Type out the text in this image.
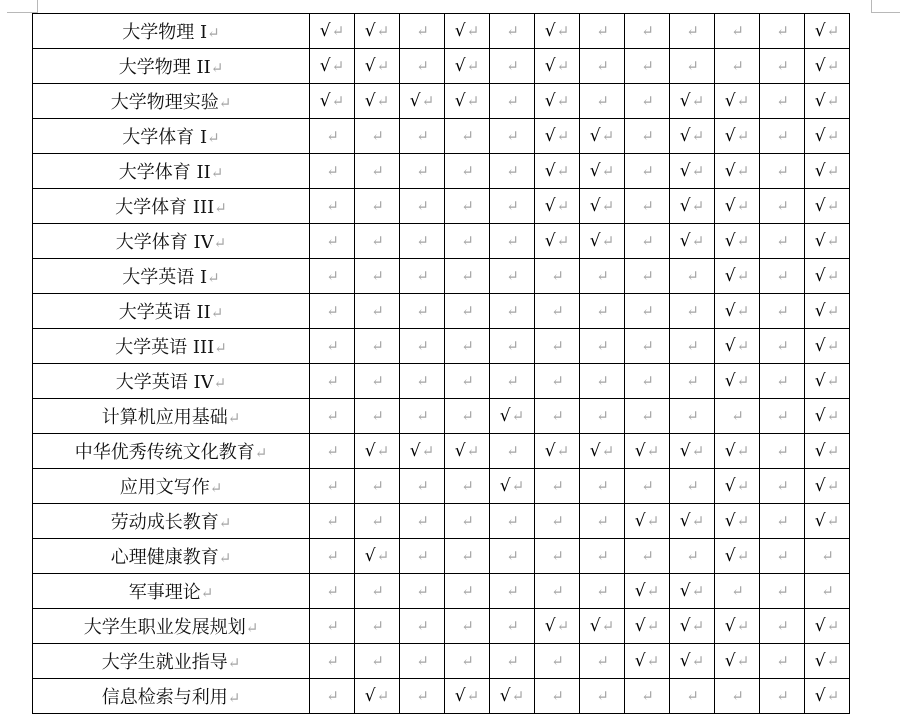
大学物理 I↵	√↵	√↵	↵	√↵	↵	√↵	↵	↵	↵	↵	↵	√↵
大学物理 II↵	√↵	√↵	↵	√↵	↵	√↵	↵	↵	↵	↵	↵	√↵
大学物理实验↵	√↵	√↵	√↵	√↵	↵	√↵	↵	↵	√↵	√↵	↵	√↵
大学体育 I↵	↵	↵	↵	↵	↵	√↵	√↵	↵	√↵	√↵	↵	√↵
大学体育 II↵	↵	↵	↵	↵	↵	√↵	√↵	↵	√↵	√↵	↵	√↵
大学体育 III↵	↵	↵	↵	↵	↵	√↵	√↵	↵	√↵	√↵	↵	√↵
大学体育 IV↵	↵	↵	↵	↵	↵	√↵	√↵	↵	√↵	√↵	↵	√↵
大学英语 I↵	↵	↵	↵	↵	↵	↵	↵	↵	↵	√↵	↵	√↵
大学英语 II↵	↵	↵	↵	↵	↵	↵	↵	↵	↵	√↵	↵	√↵
大学英语 III↵	↵	↵	↵	↵	↵	↵	↵	↵	↵	√↵	↵	√↵
大学英语 IV↵	↵	↵	↵	↵	↵	↵	↵	↵	↵	√↵	↵	√↵
计算机应用基础↵	↵	↵	↵	↵	√↵	↵	↵	↵	↵	↵	↵	√↵
中华优秀传统文化教育↵	↵	√↵	√↵	√↵	↵	√↵	√↵	√↵	√↵	√↵	↵	√↵
应用文写作↵	↵	↵	↵	↵	√↵	↵	↵	↵	↵	√↵	↵	√↵
劳动成长教育↵	↵	↵	↵	↵	↵	↵	↵	√↵	√↵	√↵	↵	√↵
心理健康教育↵	↵	√↵	↵	↵	↵	↵	↵	↵	↵	√↵	↵	↵
军事理论↵	↵	↵	↵	↵	↵	↵	↵	√↵	√↵	↵	↵	↵
大学生职业发展规划↵	↵	↵	↵	↵	↵	√↵	√↵	√↵	√↵	√↵	↵	√↵
大学生就业指导↵	↵	↵	↵	↵	↵	↵	↵	√↵	√↵	√↵	↵	√↵
信息检索与利用↵	↵	√↵	↵	√↵	√↵	↵	↵	↵	↵	↵	↵	√↵
